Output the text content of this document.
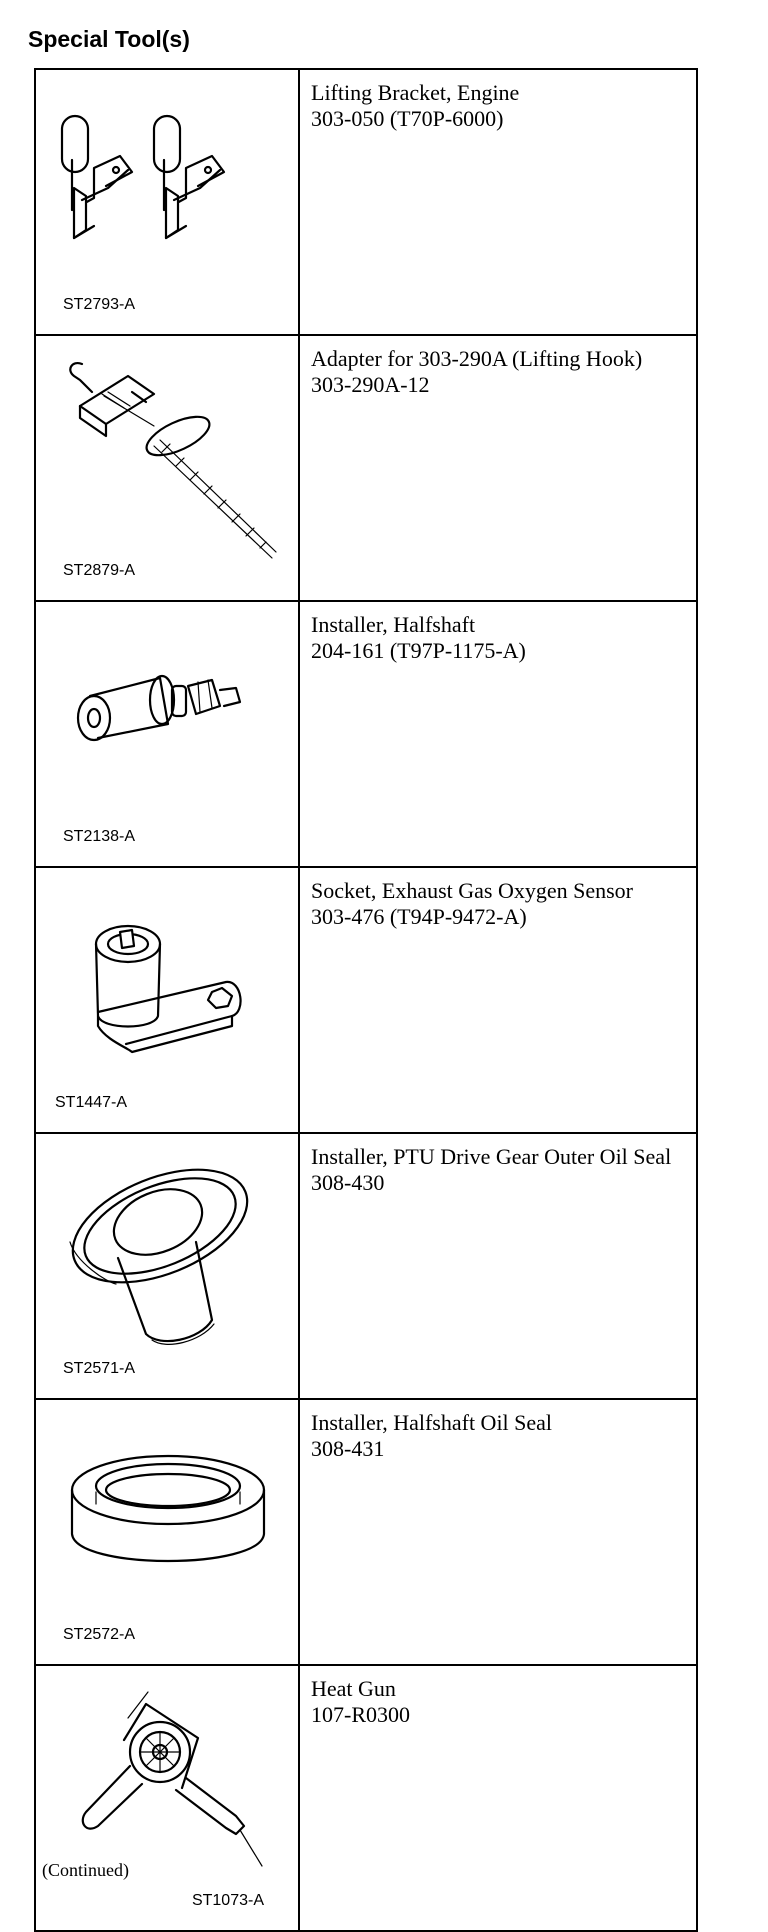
Special Tool(s)
ST2793-A	Lifting Bracket, Engine
303-050 (T70P-6000)

ST2879-A	Adapter for 303-290A (Lifting Hook)
303-290A-12

ST2138-A	Installer, Halfshaft
204-161 (T97P-1175-A)

ST1447-A	Socket, Exhaust Gas Oxygen Sensor
303-476 (T94P-9472-A)

ST2571-A	Installer, PTU Drive Gear Outer Oil Seal
308-430

ST2572-A	Installer, Halfshaft Oil Seal
308-431

ST1073-A	Heat Gun
107-R0300
(Continued)
